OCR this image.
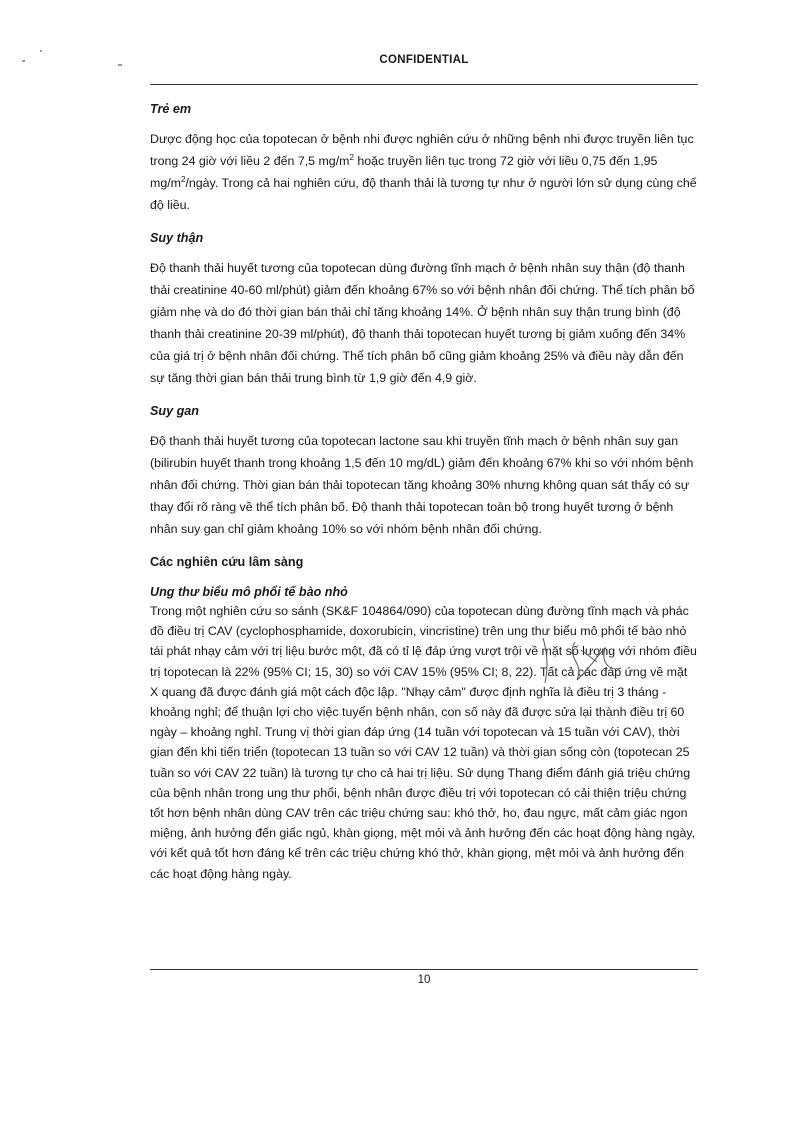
CONFIDENTIAL
Trẻ em

Dược động học của topotecan ở bệnh nhi được nghiên cứu ở những bệnh nhi được truyền liên tục trong 24 giờ với liều 2 đến 7,5 $mg/m^2$ hoặc truyền liên tục trong 72 giờ với liều 0,75 đến 1,95 $mg/m^2$/ngày. Trong cả hai nghiên cứu, độ thanh thải là tương tự như ở người lớn sử dụng cùng chế độ liều.

Suy thận

Độ thanh thải huyết tương của topotecan dùng đường tĩnh mạch ở bệnh nhân suy thận (độ thanh thải creatinine 40-60 ml/phút) giảm đến khoảng 67% so với bệnh nhân đối chứng. Thể tích phân bố giảm nhẹ và do đó thời gian bán thải chỉ tăng khoảng 14%. Ở bệnh nhân suy thận trung bình (độ thanh thải creatinine 20-39 ml/phút), độ thanh thải topotecan huyết tương bị giảm xuống đến 34% của giá trị ở bệnh nhân đối chứng. Thể tích phân bố cũng giảm khoảng 25% và điều này dẫn đến sự tăng thời gian bán thải trung bình từ 1,9 giờ đến 4,9 giờ.

Suy gan

Độ thanh thải huyết tương của topotecan lactone sau khi truyền tĩnh mạch ở bệnh nhân suy gan (bilirubin huyết thanh trong khoảng 1,5 đến 10 mg/dL) giảm đến khoảng 67% khi so với nhóm bệnh nhân đối chứng. Thời gian bán thải topotecan tăng khoảng 30% nhưng không quan sát thấy có sự thay đổi rõ ràng về thể tích phân bố. Độ thanh thải topotecan toàn bộ trong huyết tương ở bệnh nhân suy gan chỉ giảm khoảng 10% so với nhóm bệnh nhân đối chứng.

Các nghiên cứu lâm sàng
Ung thư biểu mô phổi tế bào nhỏ

Trong một nghiên cứu so sánh (SK&F 104864/090) của topotecan dùng đường tĩnh mạch và phác đồ điều trị CAV (cyclophosphamide, doxorubicin, vincristine) trên ung thư biểu mô phổi tế bào nhỏ tái phát nhạy cảm với trị liệu bước một, đã có tỉ lệ đáp ứng vượt trội về mặt số lượng với nhóm điều trị topotecan là 22% (95% CI; 15, 30) so với CAV 15% (95% CI; 8, 22). Tất cả các đáp ứng về mặt X quang đã được đánh giá một cách độc lập. "Nhạy cảm" được định nghĩa là điều trị 3 tháng - khoảng nghỉ; để thuận lợi cho việc tuyển bệnh nhân, con số này đã được sửa lại thành điều trị 60 ngày – khoảng nghỉ. Trung vị thời gian đáp ứng (14 tuần với topotecan và 15 tuần với CAV), thời gian đến khi tiến triển (topotecan 13 tuần so với CAV 12 tuần) và thời gian sống còn (topotecan 25 tuần so với CAV 22 tuần) là tương tự cho cả hai trị liệu. Sử dụng Thang điểm đánh giá triệu chứng của bệnh nhân trong ung thư phổi, bệnh nhân được điều trị với topotecan có cải thiện triệu chứng tốt hơn bệnh nhân dùng CAV trên các triệu chứng sau: khó thở, ho, đau ngực, mất cảm giác ngon miệng, ảnh hưởng đến giấc ngủ, khàn giọng, mệt mỏi và ảnh hưởng đến các hoạt động hàng ngày, với kết quả tốt hơn đáng kể trên các triệu chứng khó thở, khàn giọng, mệt mỏi và ảnh hưởng đến các hoạt động hàng ngày.

10
